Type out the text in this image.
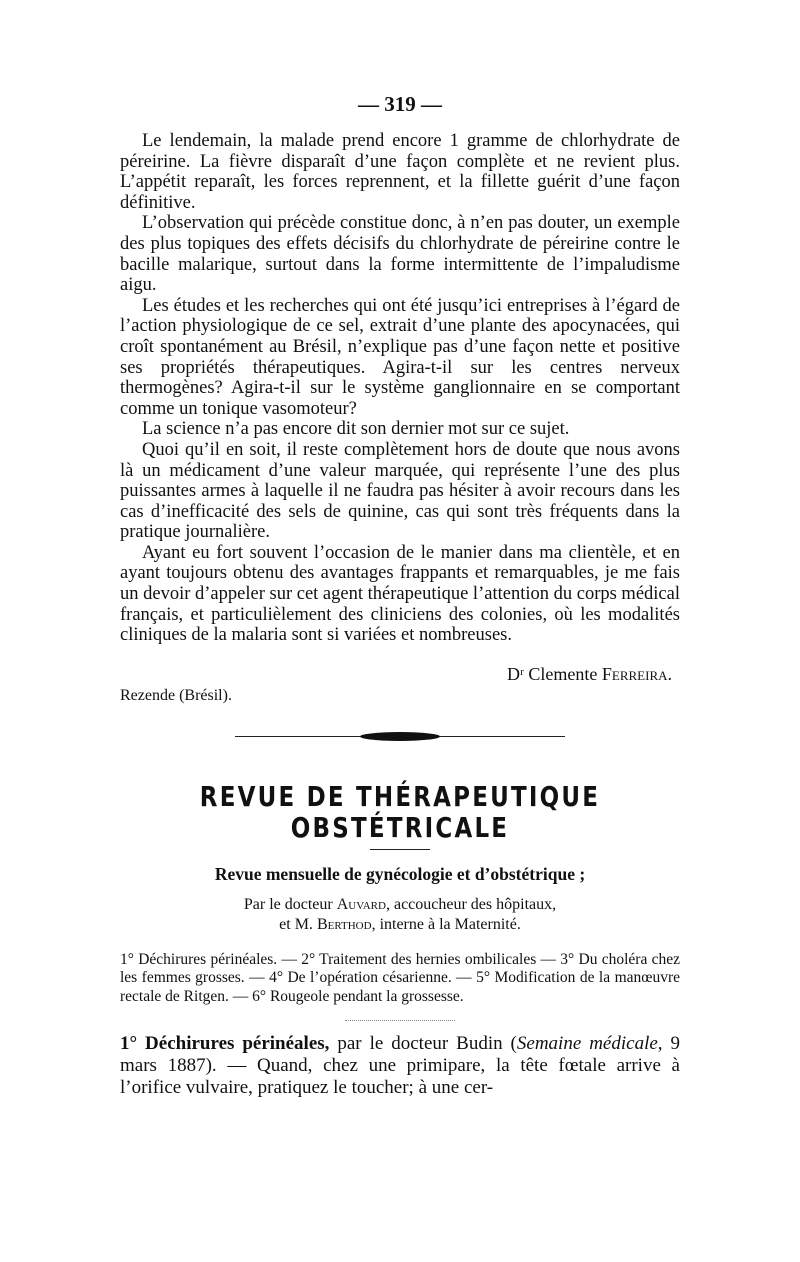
— 319 —

Le lendemain, la malade prend encore 1 gramme de chlorhydrate de péreirine. La fièvre disparaît d’une façon complète et ne revient plus. L’appétit reparaît, les forces reprennent, et la fillette guérit d’une façon définitive.

L’observation qui précède constitue donc, à n’en pas douter, un exemple des plus topiques des effets décisifs du chlorhydrate de péreirine contre le bacille malarique, surtout dans la forme intermittente de l’impaludisme aigu.

Les études et les recherches qui ont été jusqu’ici entreprises à l’égard de l’action physiologique de ce sel, extrait d’une plante des apocynacées, qui croît spontanément au Brésil, n’explique pas d’une façon nette et positive ses propriétés thérapeutiques. Agira-t-il sur les centres nerveux thermogènes? Agira-t-il sur le système ganglionnaire en se comportant comme un tonique vasomoteur?

La science n’a pas encore dit son dernier mot sur ce sujet.

Quoi qu’il en soit, il reste complètement hors de doute que nous avons là un médicament d’une valeur marquée, qui représente l’une des plus puissantes armes à laquelle il ne faudra pas hésiter à avoir recours dans les cas d’inefficacité des sels de quinine, cas qui sont très fréquents dans la pratique journalière.

Ayant eu fort souvent l’occasion de le manier dans ma clientèle, et en ayant toujours obtenu des avantages frappants et remarquables, je me fais un devoir d’appeler sur cet agent thérapeutique l’attention du corps médical français, et particulièlement des cliniciens des colonies, où les modalités cliniques de la malaria sont si variées et nombreuses.

Dʳ Clemente Ferreira.

Rezende (Brésil).

REVUE DE THÉRAPEUTIQUE OBSTÉTRICALE

Revue mensuelle de gynécologie et d’obstétrique ;

Par le docteur Auvard, accoucheur des hôpitaux,
et M. Berthod, interne à la Maternité.

1° Déchirures périnéales. — 2° Traitement des hernies ombilicales — 3° Du choléra chez les femmes grosses. — 4° De l’opération césarienne. — 5° Modification de la manœuvre rectale de Ritgen. — 6° Rougeole pendant la grossesse.

1° Déchirures périnéales, par le docteur Budin (Semaine médicale, 9 mars 1887). — Quand, chez une primipare, la tête fœtale arrive à l’orifice vulvaire, pratiquez le toucher; à une cer-
